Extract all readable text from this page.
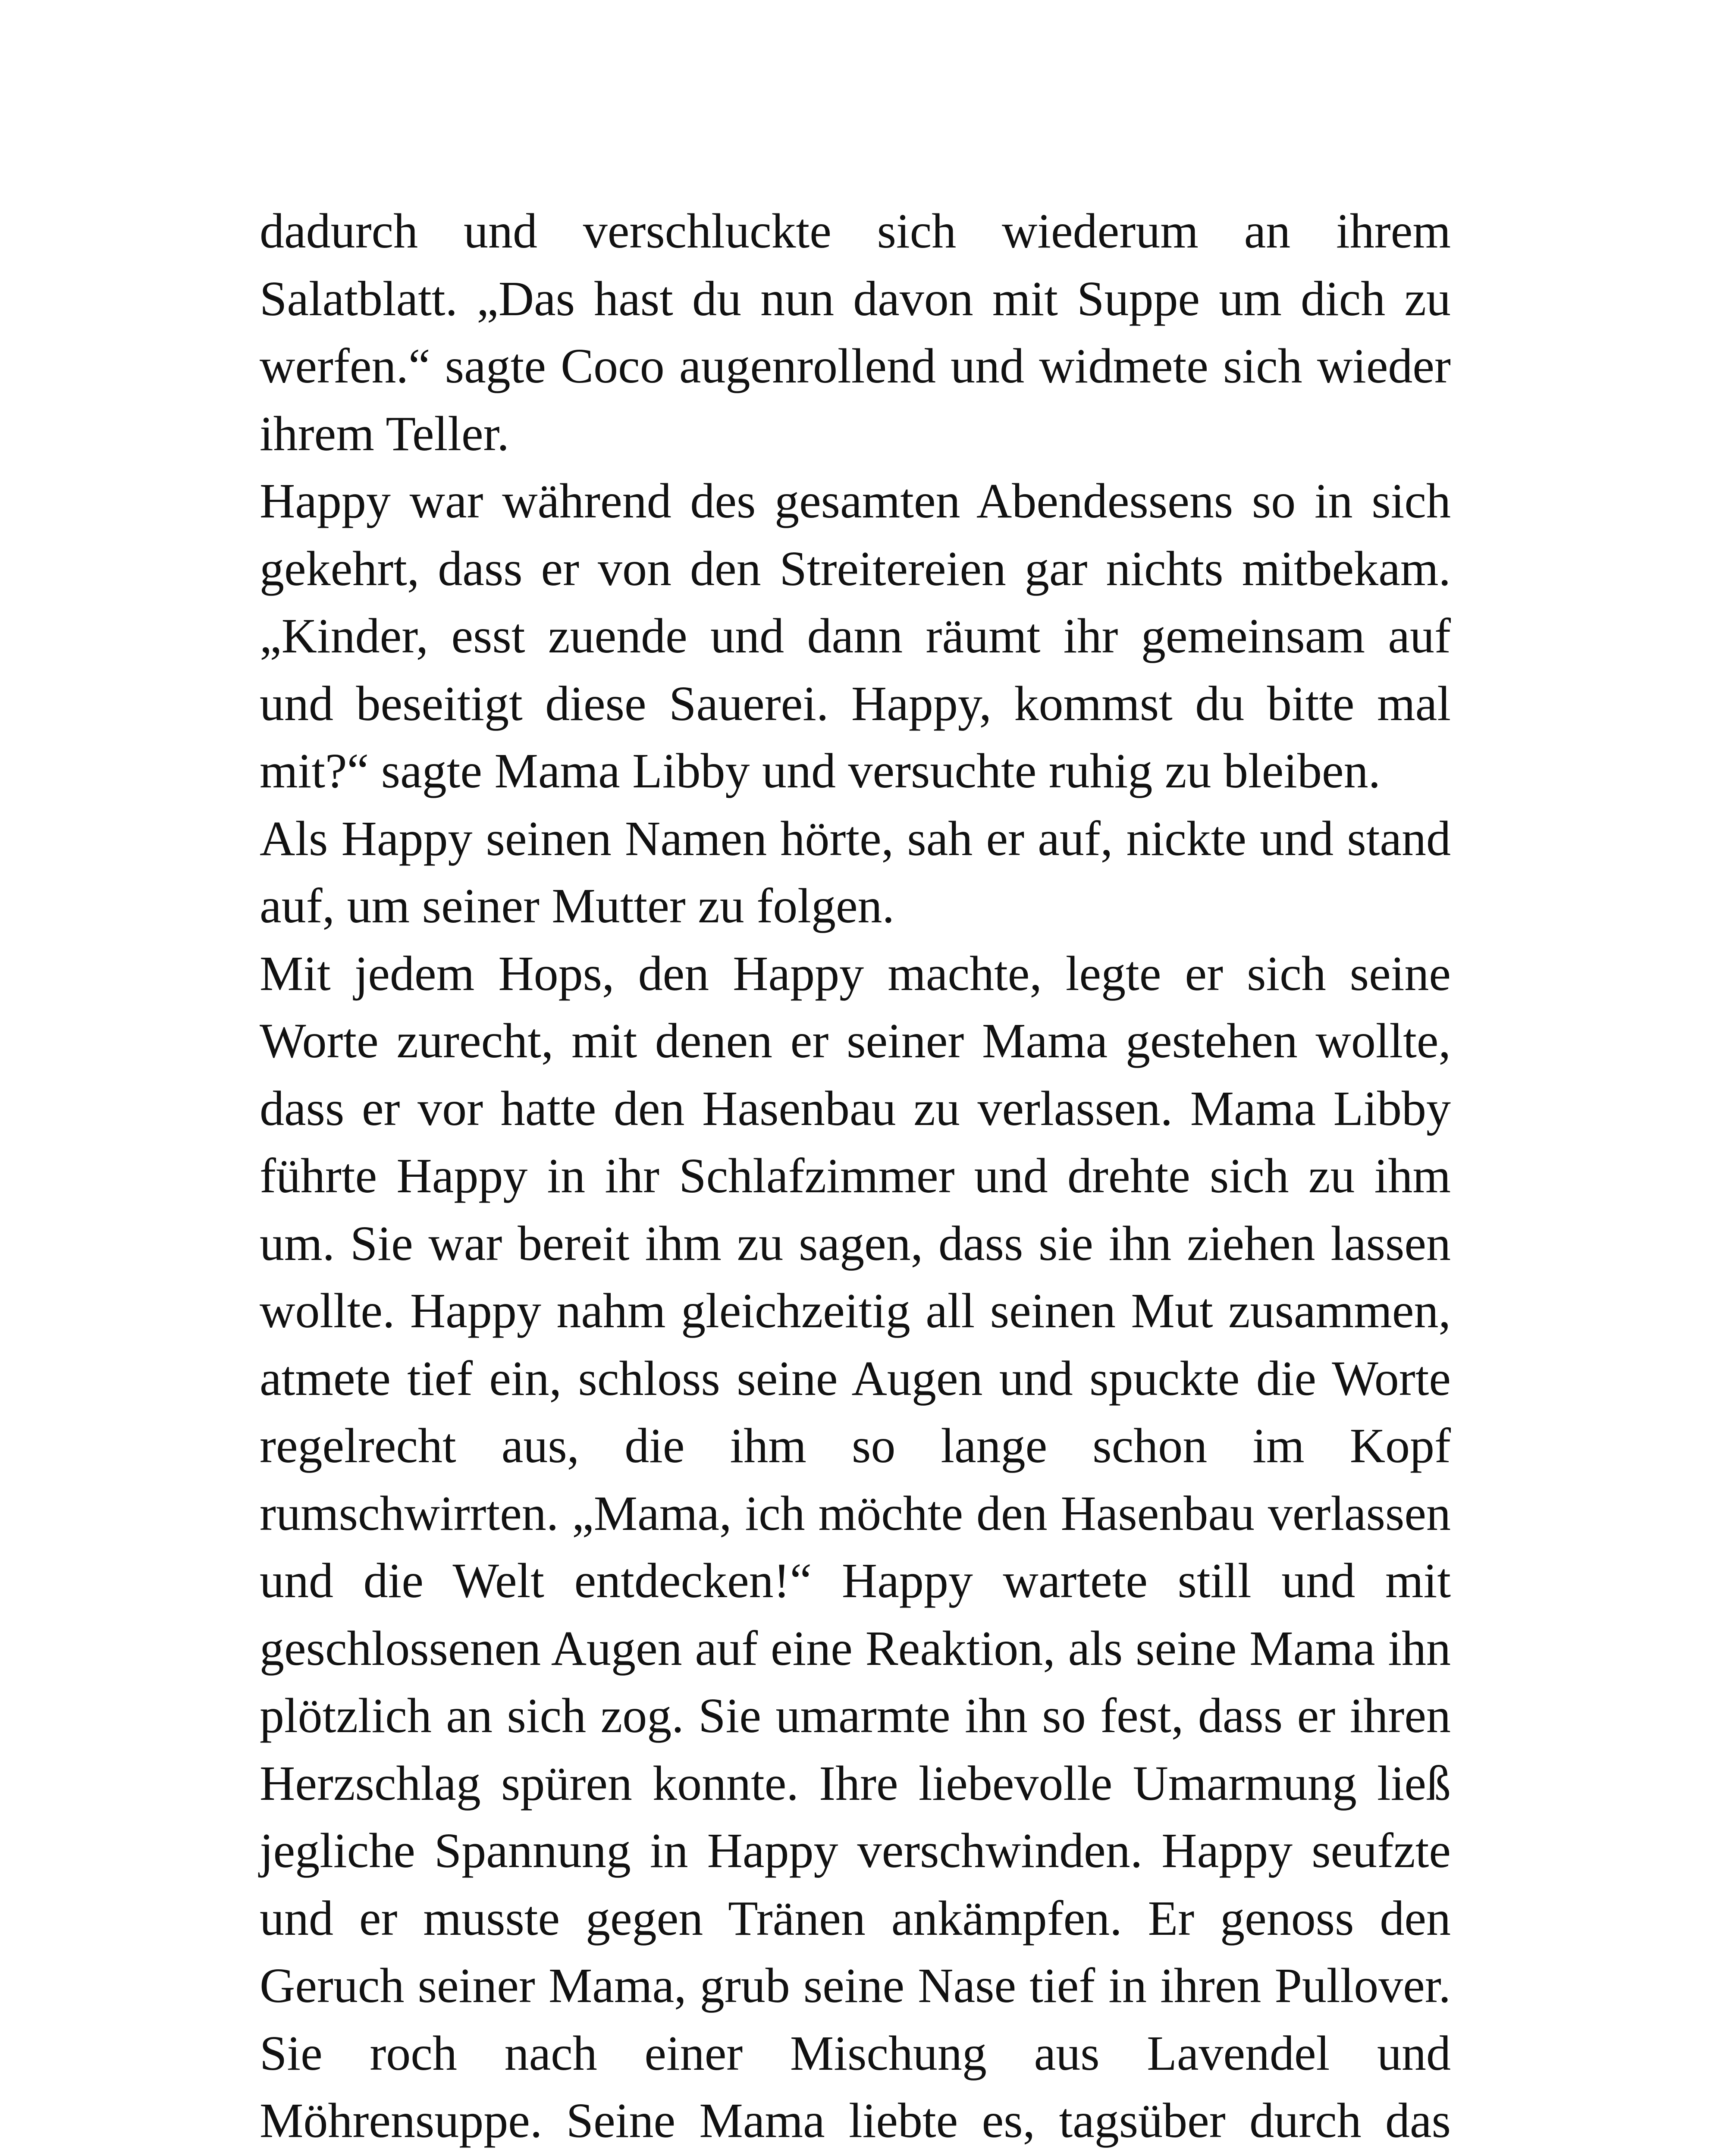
dadurch und verschluckte sich wiederum an ihrem Salatblatt. „Das hast du nun davon mit Suppe um dich zu werfen.“ sagte Coco augenrollend und widmete sich wieder ihrem Teller.

Happy war während des gesamten Abendessens so in sich gekehrt, dass er von den Streitereien gar nichts mitbekam. „Kinder, esst zuende und dann räumt ihr gemeinsam auf und beseitigt diese Sauerei. Happy, kommst du bitte mal mit?“ sagte Mama Libby und versuchte ruhig zu bleiben.

Als Happy seinen Namen hörte, sah er auf, nickte und stand auf, um seiner Mutter zu folgen.

Mit jedem Hops, den Happy machte, legte er sich seine Worte zurecht, mit denen er seiner Mama gestehen wollte, dass er vor hatte den Hasenbau zu verlassen. Mama Libby führte Happy in ihr Schlafzimmer und drehte sich zu ihm um. Sie war bereit ihm zu sagen, dass sie ihn ziehen lassen wollte. Happy nahm gleichzeitig all seinen Mut zusammen, atmete tief ein, schloss seine Augen und spuckte die Worte regelrecht aus, die ihm so lange schon im Kopf rumschwirrten. „Mama, ich möchte den Hasenbau verlassen und die Welt entdecken!“ Happy wartete still und mit geschlossenen Augen auf eine Reaktion, als seine Mama ihn plötzlich an sich zog. Sie umarmte ihn so fest, dass er ihren Herzschlag spüren konnte. Ihre liebevolle Umarmung ließ jegliche Spannung in Happy verschwinden. Happy seufzte und er musste gegen Tränen ankämpfen. Er genoss den Geruch seiner Mama, grub seine Nase tief in ihren Pullover. Sie roch nach einer Mischung aus Lavendel und Möhrensuppe. Seine Mama liebte es, tagsüber durch das
